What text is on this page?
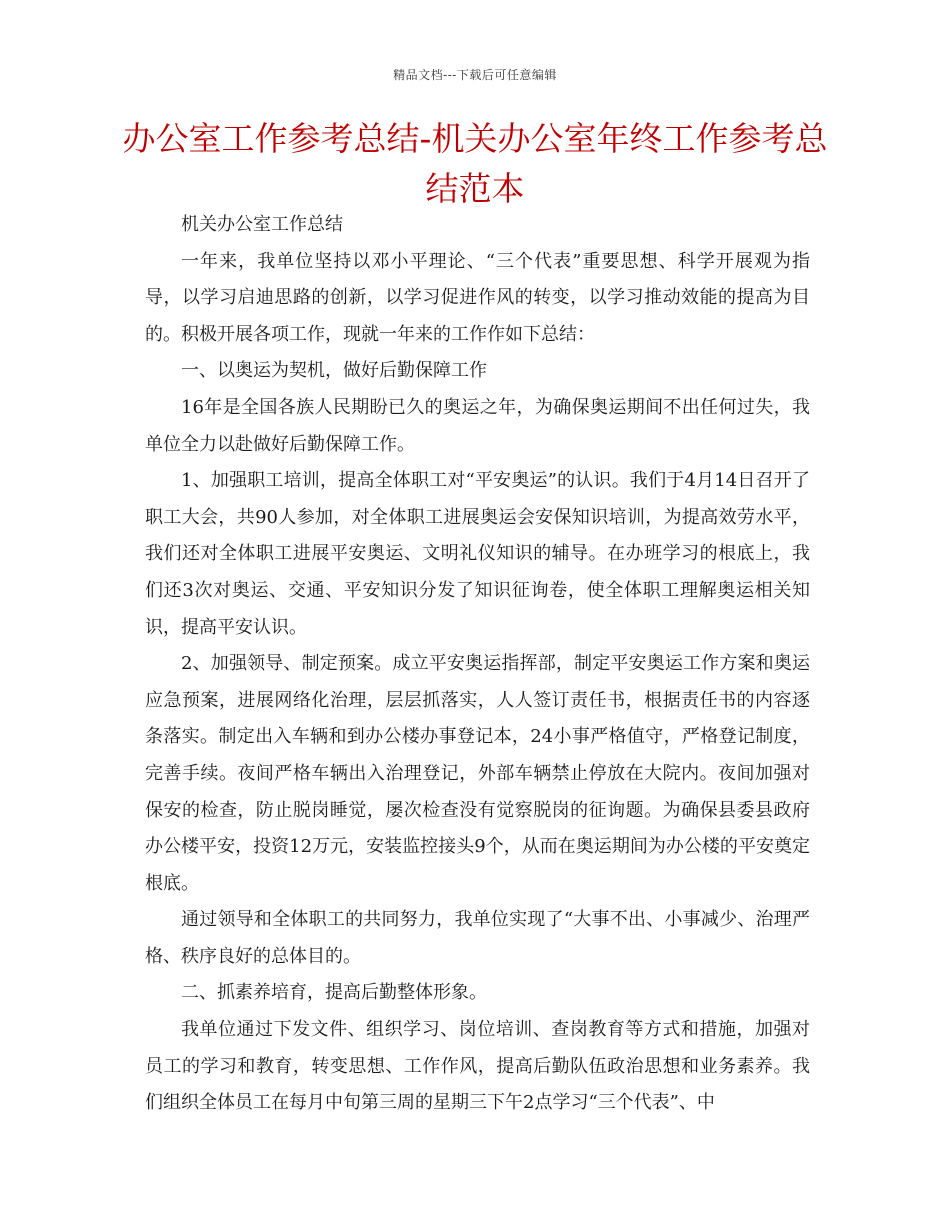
精品文档---下载后可任意编辑
办公室工作参考总结-机关办公室年终工作参考总结范本

机关办公室工作总结

一年来，我单位坚持以邓小平理论、“三个代表”重要思想、科学开展观为指导，以学习启迪思路的创新，以学习促进作风的转变，以学习推动效能的提高为目的。积极开展各项工作，现就一年来的工作作如下总结：

一、以奥运为契机，做好后勤保障工作

16年是全国各族人民期盼已久的奥运之年，为确保奥运期间不出任何过失，我单位全力以赴做好后勤保障工作。

1、加强职工培训，提高全体职工对“平安奥运”的认识。我们于4月14日召开了职工大会，共90人参加，对全体职工进展奥运会安保知识培训，为提高效劳水平，我们还对全体职工进展平安奥运、文明礼仪知识的辅导。在办班学习的根底上，我们还3次对奥运、交通、平安知识分发了知识征询卷，使全体职工理解奥运相关知识，提高平安认识。

2、加强领导、制定预案。成立平安奥运指挥部，制定平安奥运工作方案和奥运应急预案，进展网络化治理，层层抓落实，人人签订责任书，根据责任书的内容逐条落实。制定出入车辆和到办公楼办事登记本，24小事严格值守，严格登记制度，完善手续。夜间严格车辆出入治理登记，外部车辆禁止停放在大院内。夜间加强对保安的检查，防止脱岗睡觉，屡次检查没有觉察脱岗的征询题。为确保县委县政府办公楼平安，投资12万元，安装监控接头9个，从而在奥运期间为办公楼的平安奠定根底。

通过领导和全体职工的共同努力，我单位实现了“大事不出、小事减少、治理严格、秩序良好的总体目的。

二、抓素养培育，提高后勤整体形象。

我单位通过下发文件、组织学习、岗位培训、查岗教育等方式和措施，加强对员工的学习和教育，转变思想、工作作风，提高后勤队伍政治思想和业务素养。我们组织全体员工在每月中旬第三周的星期三下午2点学习“三个代表”、中
